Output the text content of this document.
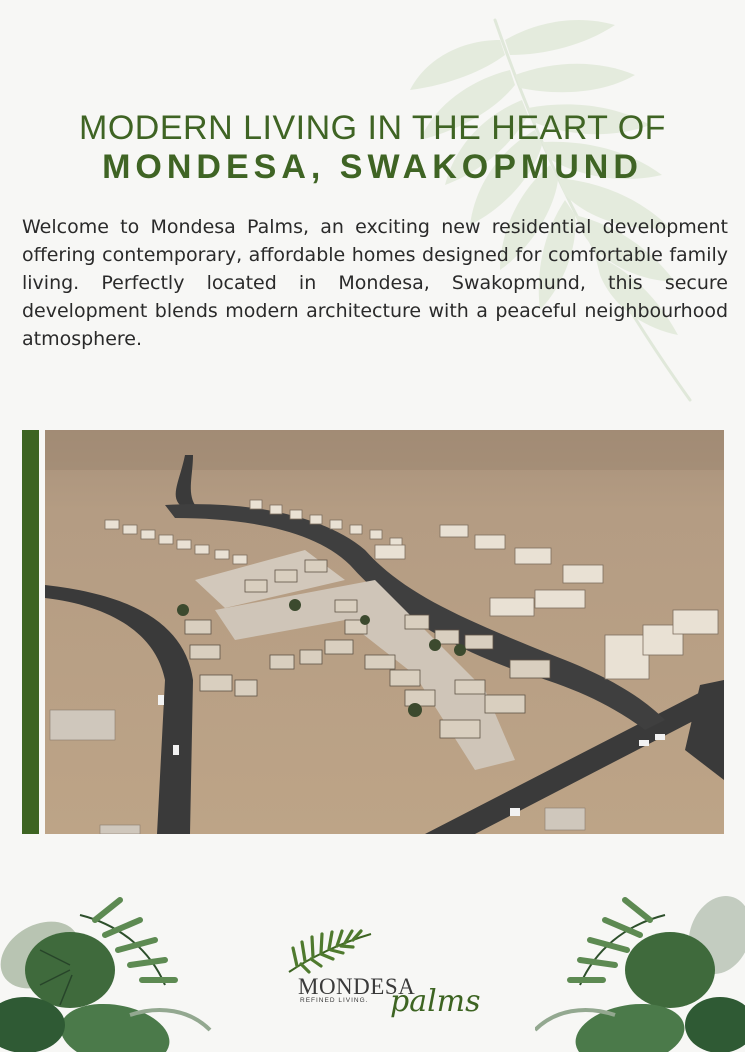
MODERN LIVING IN THE HEART OF
MONDESA, SWAKOPMUND

Welcome to Mondesa Palms, an exciting new residential development offering contemporary, affordable homes designed for comfortable family living. Perfectly located in Mondesa, Swakopmund, this secure development blends modern architecture with a peaceful neighbourhood atmosphere.

MONDESA
REFINED LIVING. palms
